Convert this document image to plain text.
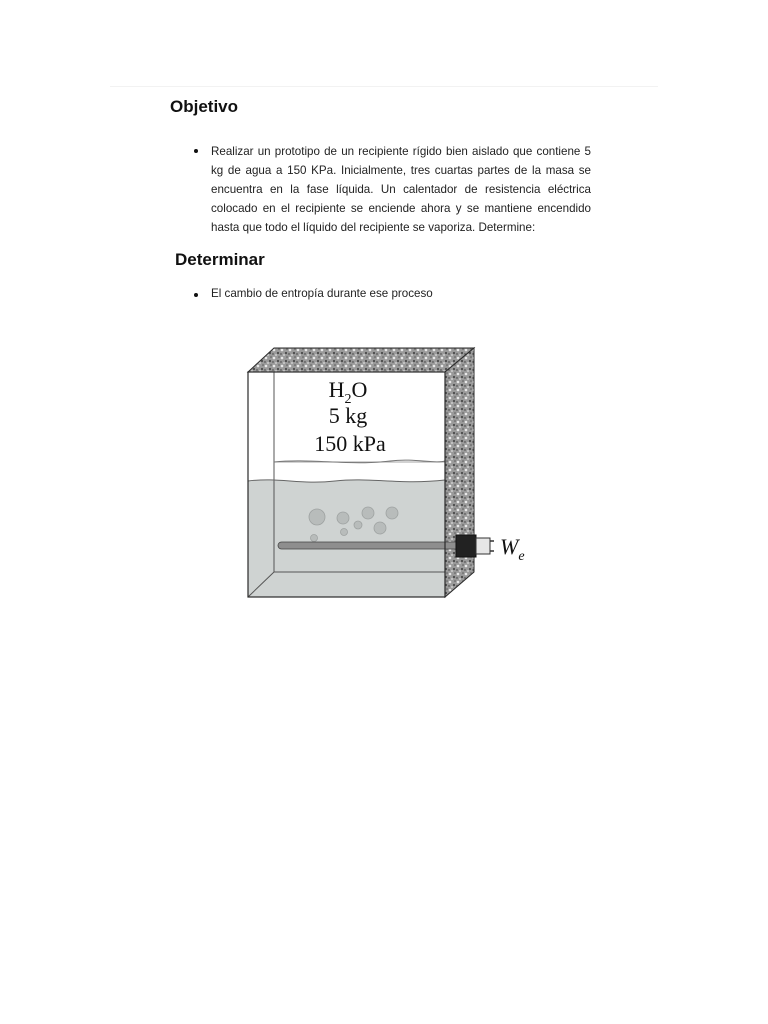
Objetivo
Realizar un prototipo de un recipiente rígido bien aislado que contiene 5 kg de agua a 150 KPa. Inicialmente, tres cuartas partes de la masa se encuentra en la fase líquida. Un calentador de resistencia eléctrica colocado en el recipiente se enciende ahora y se mantiene encendido hasta que todo el líquido del recipiente se vaporiza. Determine:
Determinar
El cambio de entropía durante ese proceso
$H_2O$
5 kg
150 kPa
$W_e$
